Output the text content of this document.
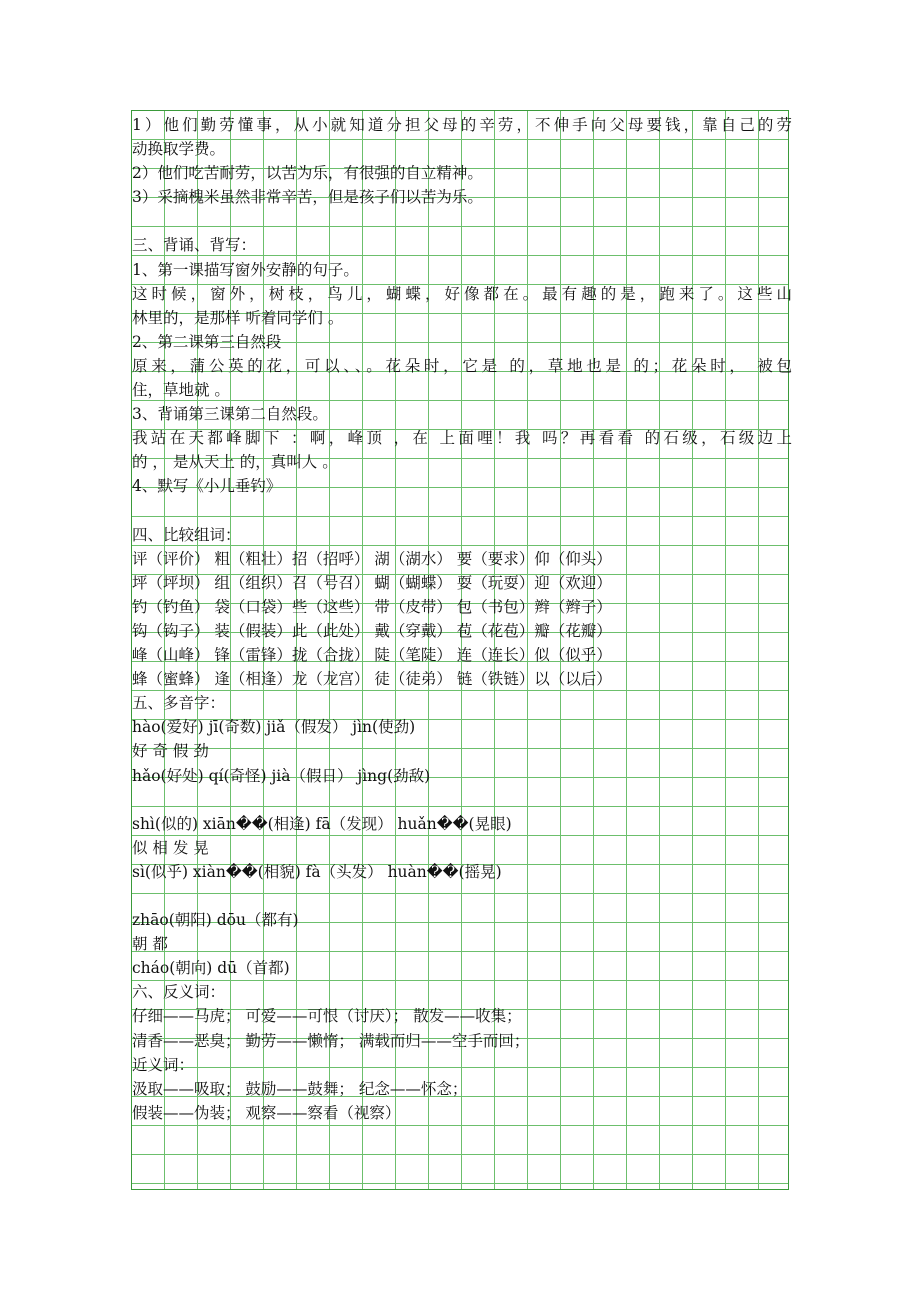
1）他们勤劳懂事，从小就知道分担父母的辛劳，不伸手向父母要钱，靠自己的劳
动换取学费。
2）他们吃苦耐劳，以苦为乐，有很强的自立精神。
3）采摘槐米虽然非常辛苦，但是孩子们以苦为乐。
三、背诵、背写：
1、第一课描写窗外安静的句子。
这时候，窗外，树枝，鸟儿，蝴蝶，好像都在。最有趣的是，跑来了。这些山
林里的，是那样 听着同学们 。
2、第二课第三自然段
原来，蒲公英的花，可以、、。花朵时，它是 的，草地也是 的；花朵时， 被包
住，草地就 。
3、背诵第三课第二自然段。
我站在天都峰脚下 ：啊，峰顶 ，在 上面哩！我 吗？再看看 的石级，石级边上
的 ， 是从天上 的，真叫人 。
4、默写《小儿垂钓》
四、比较组词：
评（评价） 粗（粗壮）招（招呼） 湖（湖水） 要（要求）仰（仰头）
坪（坪坝） 组（组织）召（号召） 蝴（蝴蝶） 耍（玩耍）迎（欢迎）
钓（钓鱼） 袋（口袋）些（这些） 带（皮带） 包（书包）辫（辫子）
钩（钩子） 装（假装）此（此处） 戴（穿戴） 苞（花苞）瓣（花瓣）
峰（山峰） 锋（雷锋）拢（合拢） 陡（笔陡） 连（连长）似（似乎）
蜂（蜜蜂） 逢（相逢）龙（龙宫） 徒（徒弟） 链（铁链）以（以后）
五、多音字：
hào(爱好) jī(奇数) jiǎ（假发） jìn(使劲)
好 奇 假 劲
hǎo(好处) qí(奇怪) jià（假日） jìng(劲敌)
shì(似的) xiān��(相逢) fā（发现） huǎn��(晃眼)
似 相 发 晃
sì(似乎) xiàn��(相貌) fà（头发） huàn��(摇晃)
zhāo(朝阳) dōu（都有)
朝 都
cháo(朝向) dū（首都)
六、反义词：
仔细——马虎； 可爱——可恨（讨厌）； 散发——收集；
清香——恶臭； 勤劳——懒惰； 满载而归——空手而回；
近义词：
汲取——吸取； 鼓励——鼓舞； 纪念——怀念；
假装——伪装； 观察——察看（视察）
